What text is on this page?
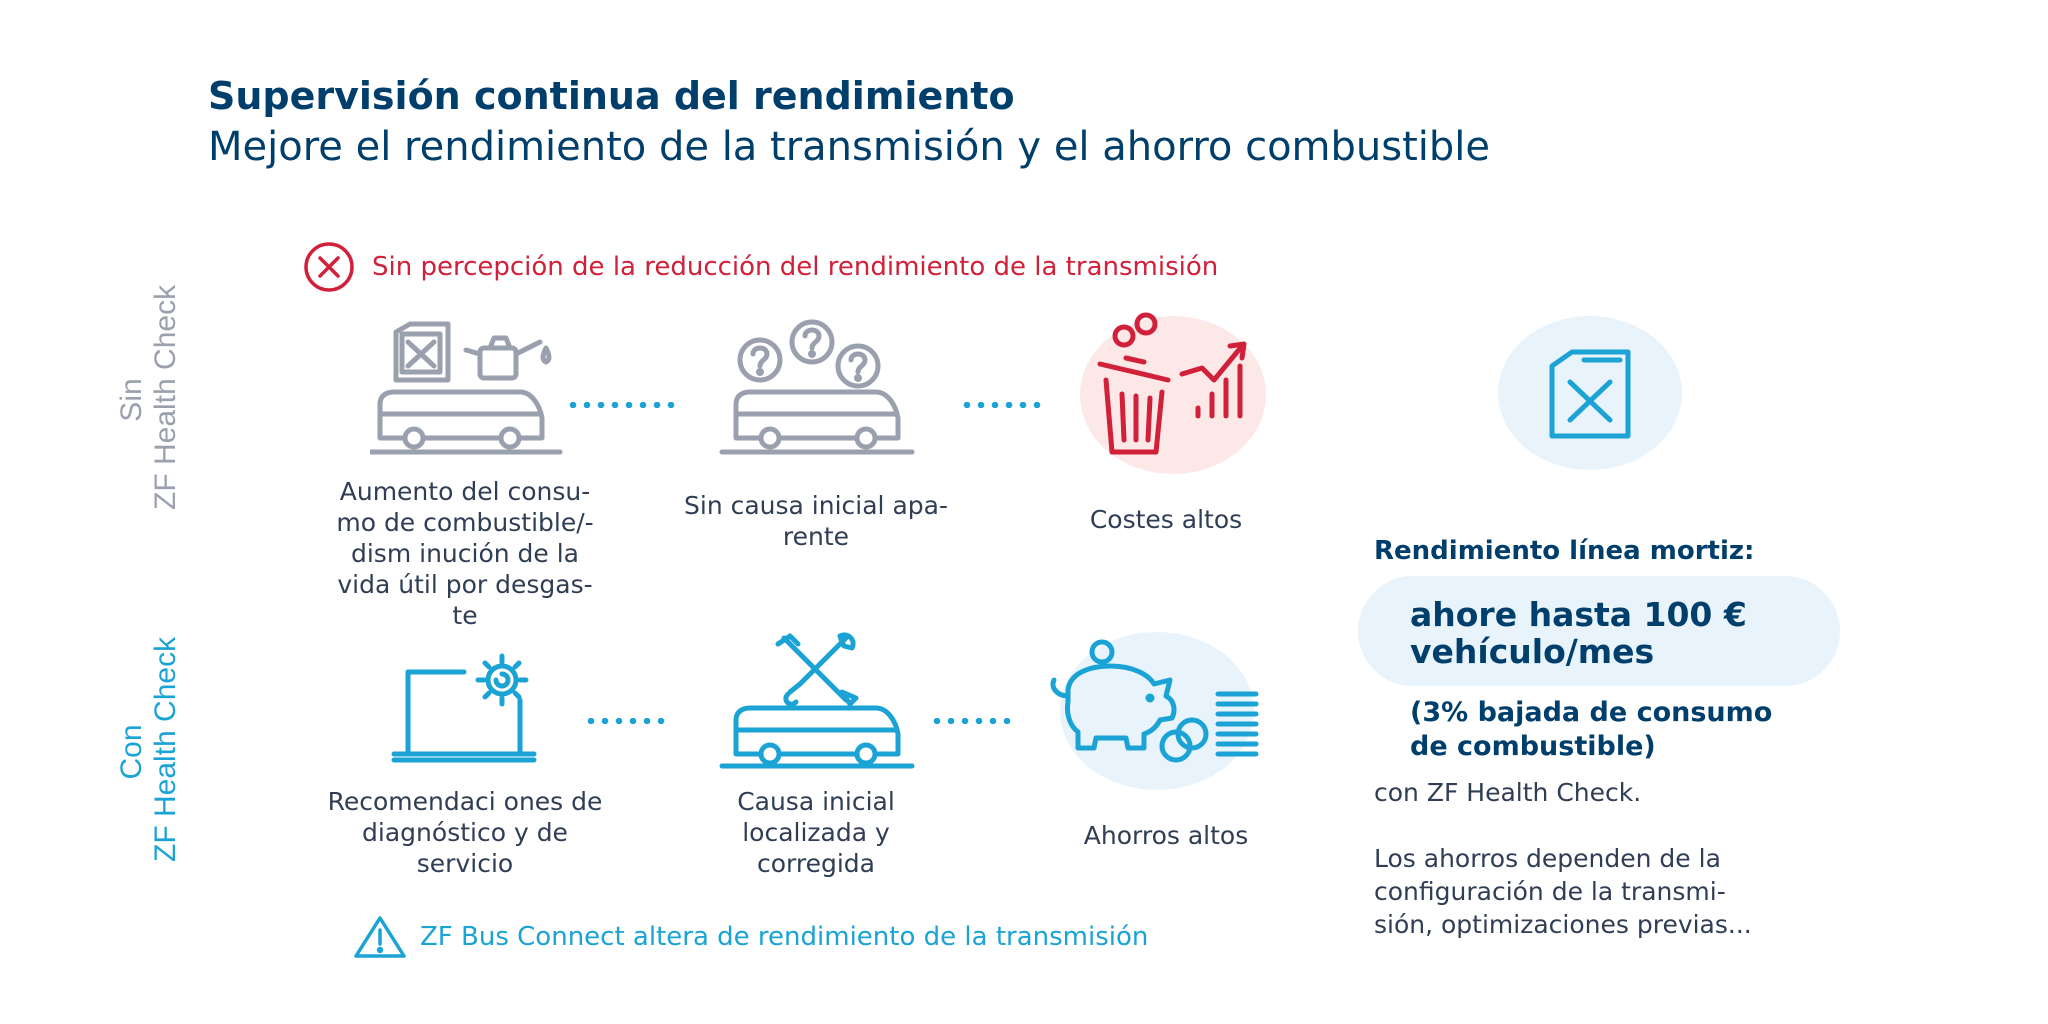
Supervisión continua del rendimiento
Mejore el rendimiento de la transmisión y el ahorro combustible
Sin percepción de la reducción del rendimiento de la transmisión
Sin ZF Health Check
Con ZF Health Check
Aumento del consu-
mo de combustible/-
dism inución de la
vida útil por desgas-
te
Sin causa inicial apa-
rente
Costes altos
Recomendaci ones de
diagnóstico y de
servicio
Causa inicial
localizada y
corregida
Ahorros altos
ZF Bus Connect altera de rendimiento de la transmisión
Rendimiento línea mortiz:
ahore hasta 100 €
vehículo/mes
(3% bajada de consumo
de combustible)
con ZF Health Check.
Los ahorros dependen de la
configuración de la transmi-
sión, optimizaciones previas...
